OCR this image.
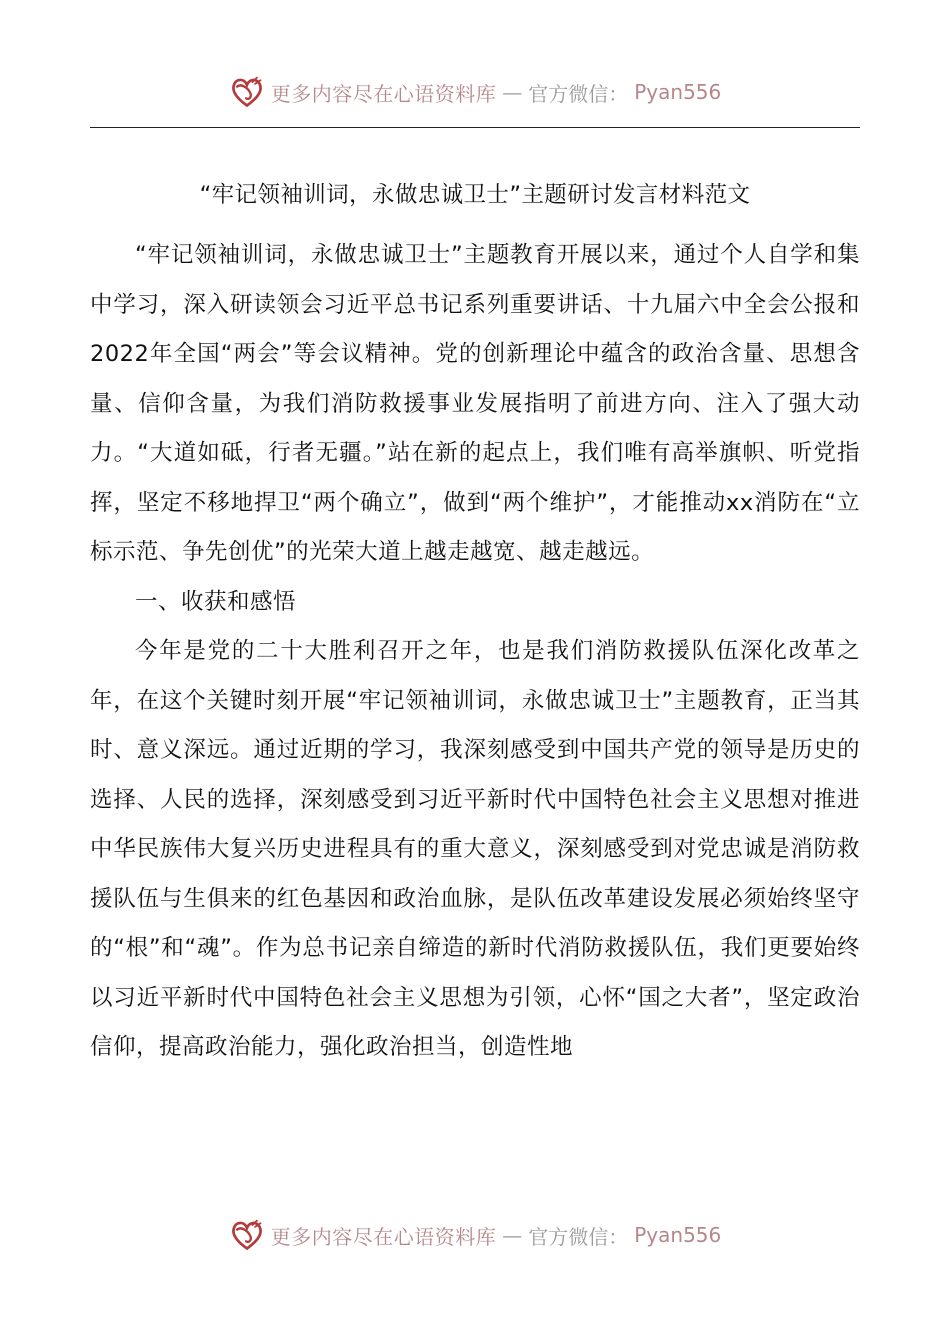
更多内容尽在心语资料库 — 官方微信： Pyan556
“牢记领袖训词，永做忠诚卫士”主题研讨发言材料范文

“牢记领袖训词，永做忠诚卫士”主题教育开展以来，通过个人自学和集中学习，深入研读领会习近平总书记系列重要讲话、十九届六中全会公报和2022年全国“两会”等会议精神。党的创新理论中蕴含的政治含量、思想含量、信仰含量，为我们消防救援事业发展指明了前进方向、注入了强大动力。“大道如砥，行者无疆。”站在新的起点上，我们唯有高举旗帜、听党指挥，坚定不移地捍卫“两个确立”，做到“两个维护”，才能推动xx消防在“立标示范、争先创优”的光荣大道上越走越宽、越走越远。

一、收获和感悟

今年是党的二十大胜利召开之年，也是我们消防救援队伍深化改革之年，在这个关键时刻开展“牢记领袖训词，永做忠诚卫士”主题教育，正当其时、意义深远。通过近期的学习，我深刻感受到中国共产党的领导是历史的选择、人民的选择，深刻感受到习近平新时代中国特色社会主义思想对推进中华民族伟大复兴历史进程具有的重大意义，深刻感受到对党忠诚是消防救援队伍与生俱来的红色基因和政治血脉，是队伍改革建设发展必须始终坚守的“根”和“魂”。作为总书记亲自缔造的新时代消防救援队伍，我们更要始终以习近平新时代中国特色社会主义思想为引领，心怀“国之大者”，坚定政治信仰，提高政治能力，强化政治担当，创造性地

更多内容尽在心语资料库 — 官方微信： Pyan556
